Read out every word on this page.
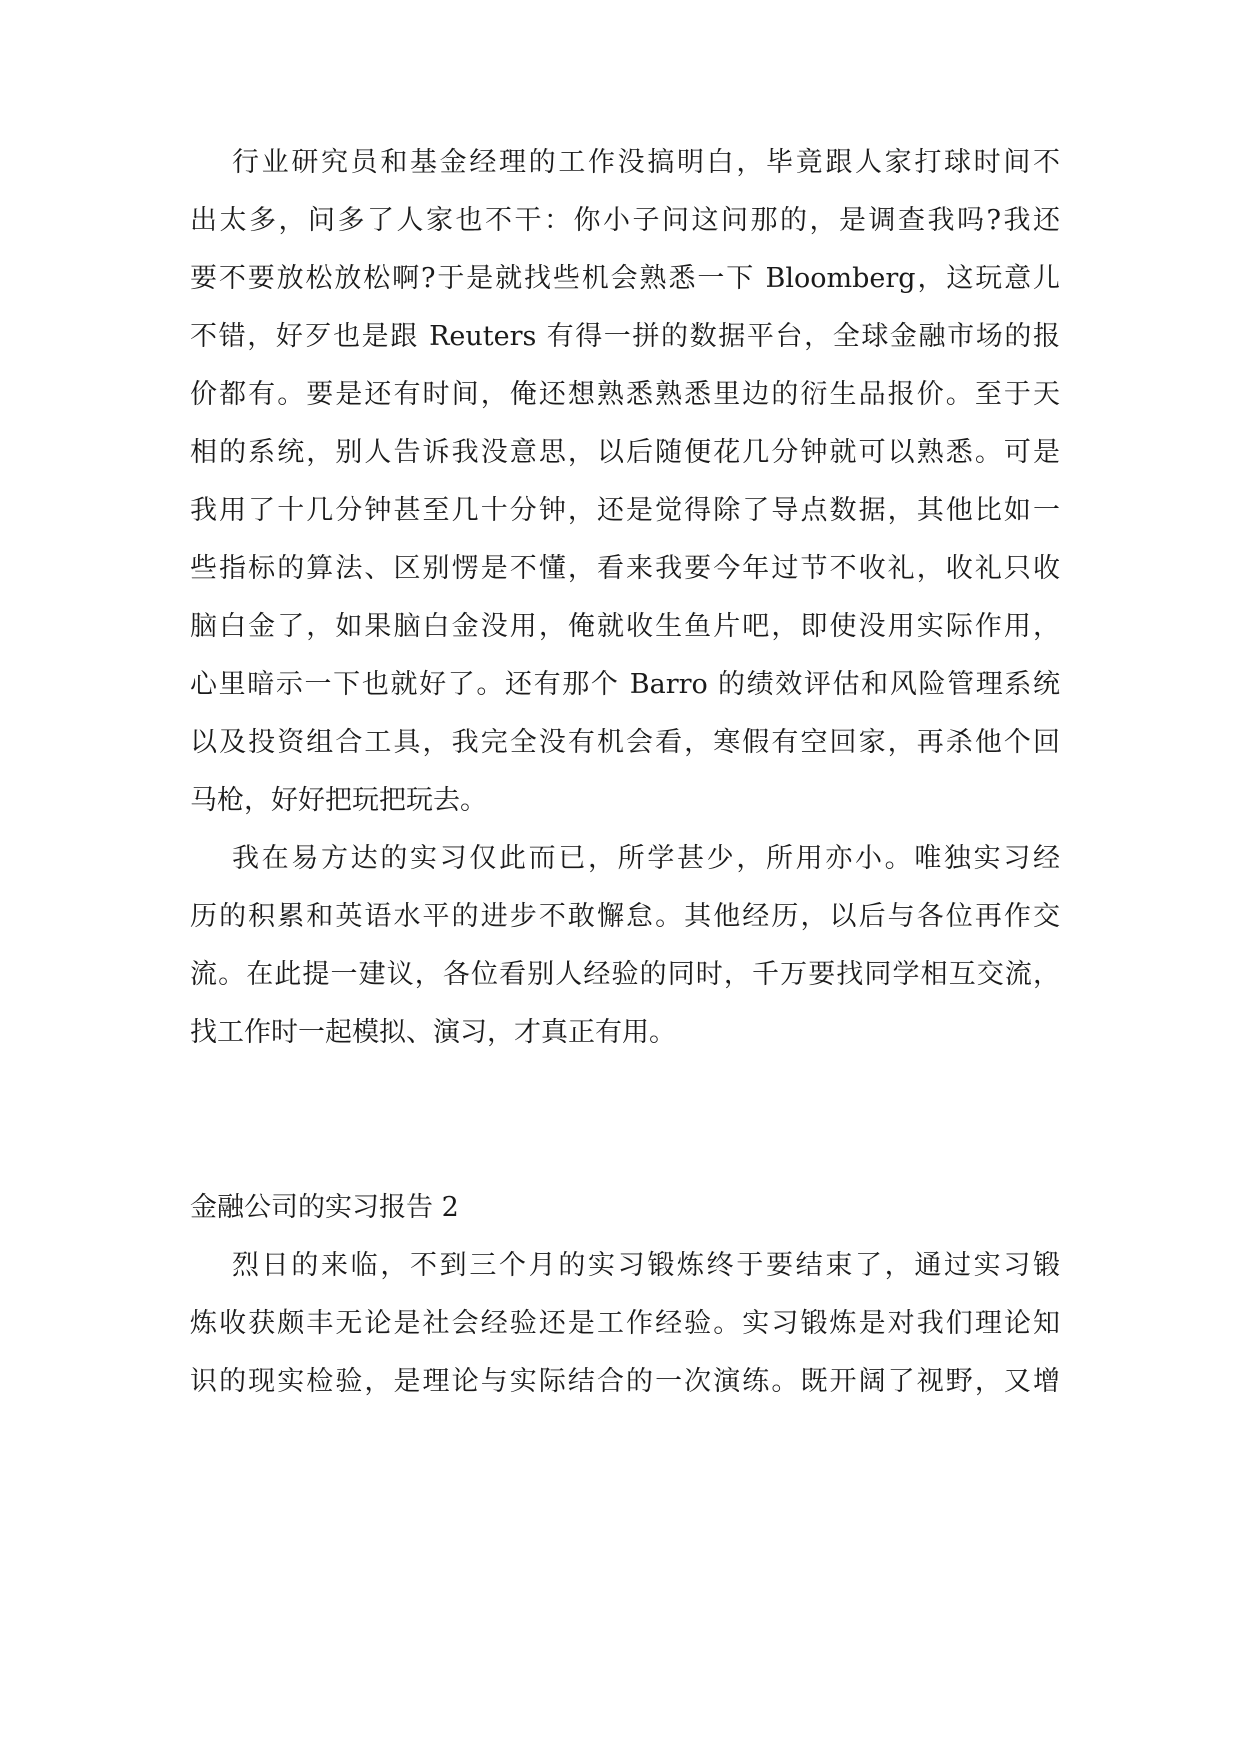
行业研究员和基金经理的工作没搞明白，毕竟跟人家打球时间不
出太多，问多了人家也不干：你小子问这问那的，是调查我吗?我还
要不要放松放松啊?于是就找些机会熟悉一下 Bloomberg，这玩意儿
不错，好歹也是跟 Reuters 有得一拼的数据平台，全球金融市场的报
价都有。要是还有时间，俺还想熟悉熟悉里边的衍生品报价。至于天
相的系统，别人告诉我没意思，以后随便花几分钟就可以熟悉。可是
我用了十几分钟甚至几十分钟，还是觉得除了导点数据，其他比如一
些指标的算法、区别愣是不懂，看来我要今年过节不收礼，收礼只收
脑白金了，如果脑白金没用，俺就收生鱼片吧，即使没用实际作用，
心里暗示一下也就好了。还有那个 Barro 的绩效评估和风险管理系统
以及投资组合工具，我完全没有机会看，寒假有空回家，再杀他个回
马枪，好好把玩把玩去。
我在易方达的实习仅此而已，所学甚少，所用亦小。唯独实习经
历的积累和英语水平的进步不敢懈怠。其他经历，以后与各位再作交
流。在此提一建议，各位看别人经验的同时，千万要找同学相互交流，
找工作时一起模拟、演习，才真正有用。
金融公司的实习报告 2
烈日的来临，不到三个月的实习锻炼终于要结束了，通过实习锻
炼收获颇丰无论是社会经验还是工作经验。实习锻炼是对我们理论知
识的现实检验，是理论与实际结合的一次演练。既开阔了视野，又增
